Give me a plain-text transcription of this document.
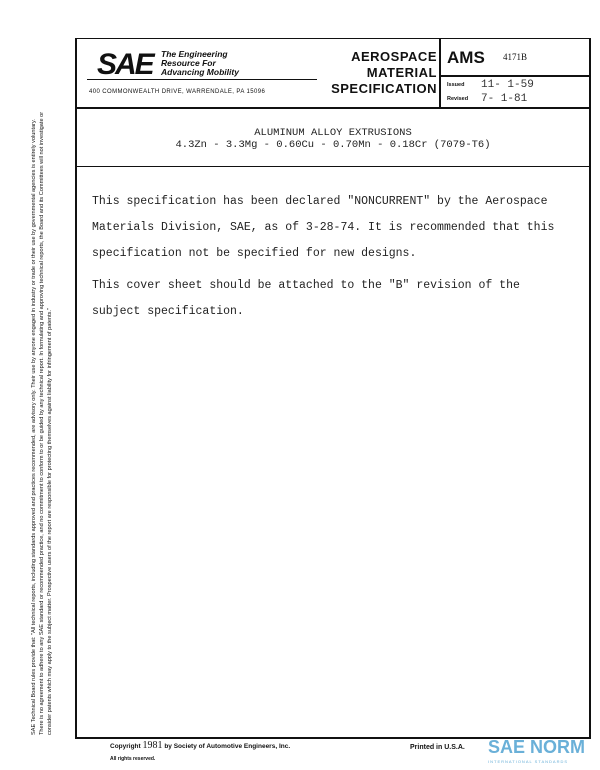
SAE The Engineering
Resource For
Advancing Mobility
400 COMMONWEALTH DRIVE, WARRENDALE, PA 15096
AEROSPACE
MATERIAL
SPECIFICATION
AMS 4171B
Issued 11- 1-59
Revised 7- 1-81
ALUMINUM ALLOY EXTRUSIONS
4.3Zn - 3.3Mg - 0.60Cu - 0.70Mn - 0.18Cr (7079-T6)

This specification has been declared "NONCURRENT" by the Aerospace Materials Division, SAE, as of 3-28-74. It is recommended that this specification not be specified for new designs.

This cover sheet should be attached to the "B" revision of the subject specification.

SAE Technical Board rules provide that: "All technical reports, including standards approved and practices recommended, are advisory only. Their use by anyone engaged in industry or trade or their use by governmental agencies is entirely voluntary. There is no agreement to adhere to any SAE standard or recommended practice, and no commitment to conform to or be guided by any technical report. In formulating and approving technical reports, the Board and its Committees will not investigate or consider patents which may apply to the subject matter. Prospective users of the report are responsible for protecting themselves against liability for infringement of patents."
Copyright 1981 by Society of Automotive Engineers, Inc.
All rights reserved.
Printed in U.S.A. SAE NORM
INTERNATIONAL STANDARDS
